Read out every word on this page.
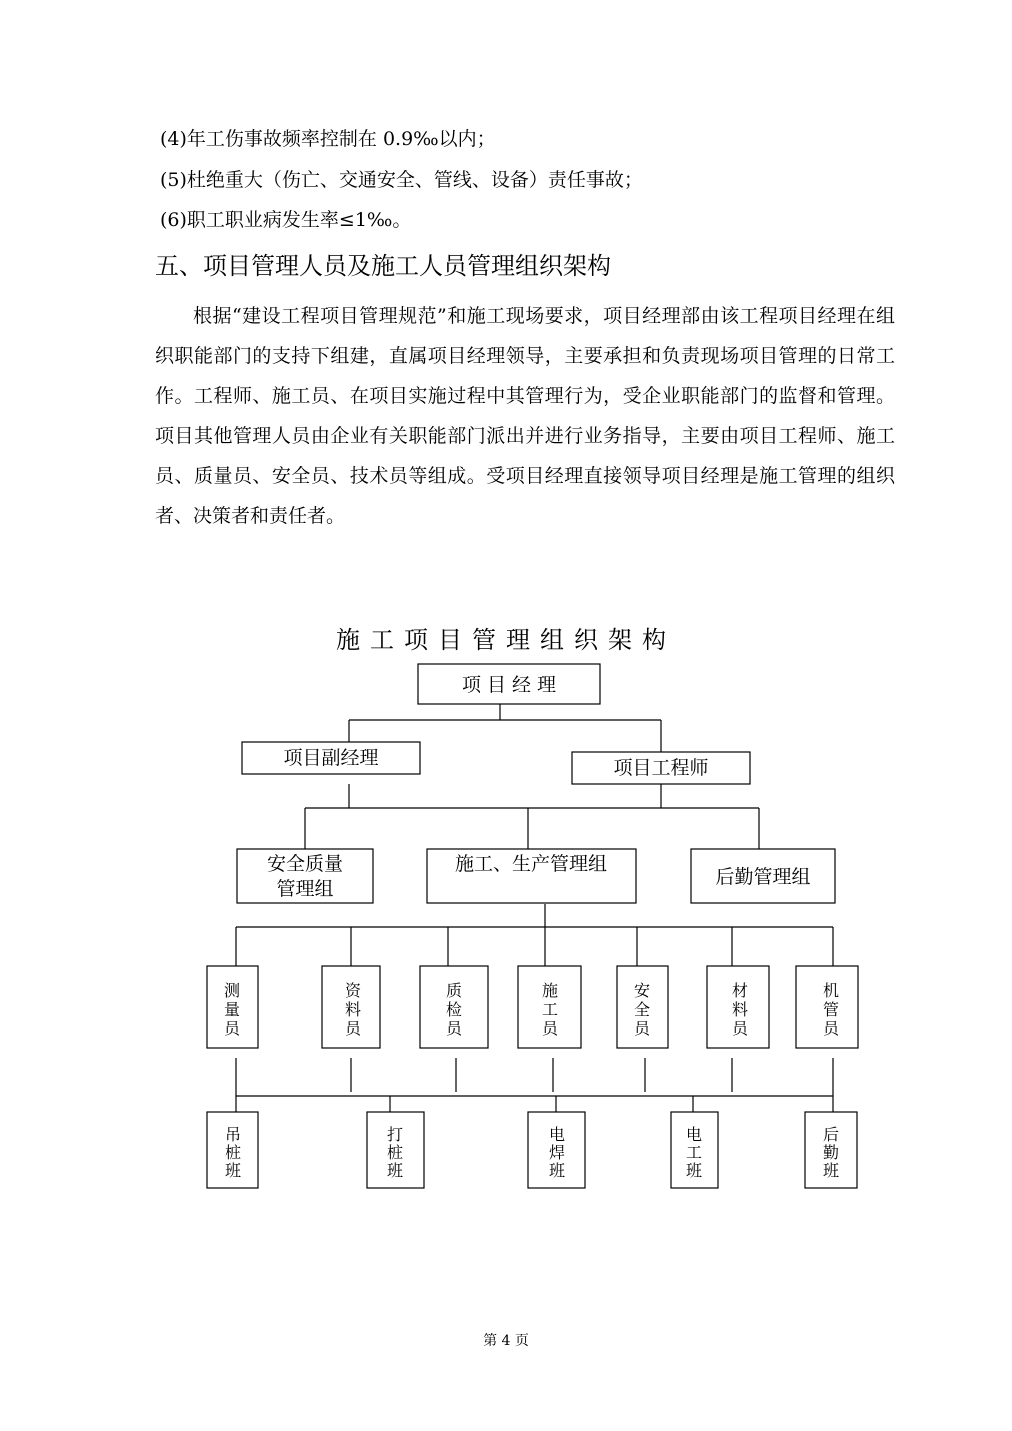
(4)年工伤事故频率控制在 0.9‰以内；
(5)杜绝重大（伤亡、交通安全、管线、设备）责任事故；
(6)职工职业病发生率≤1‰。
五、项目管理人员及施工人员管理组织架构
根据“建设工程项目管理规范”和施工现场要求，项目经理部由该工程项目经理在组织职能部门的支持下组建，直属项目经理领导，主要承担和负责现场项目管理的日常工作。工程师、施工员、在项目实施过程中其管理行为，受企业职能部门的监督和管理。项目其他管理人员由企业有关职能部门派出并进行业务指导，主要由项目工程师、施工员、质量员、安全员、技术员等组成。受项目经理直接领导项目经理是施工管理的组织者、决策者和责任者。
施工项目管理组织架构
项 目 经 理
项目副经理	项目工程师
安全质量
管理组
施工、生产管理组
后勤管理组
测
量
员
资
料
员
质
检
员
施
工
员
安
全
员
材
料
员
机
管
员
吊
桩
班
打
桩
班
电
焊
班
电
工
班
后
勤
班
第 4 页
